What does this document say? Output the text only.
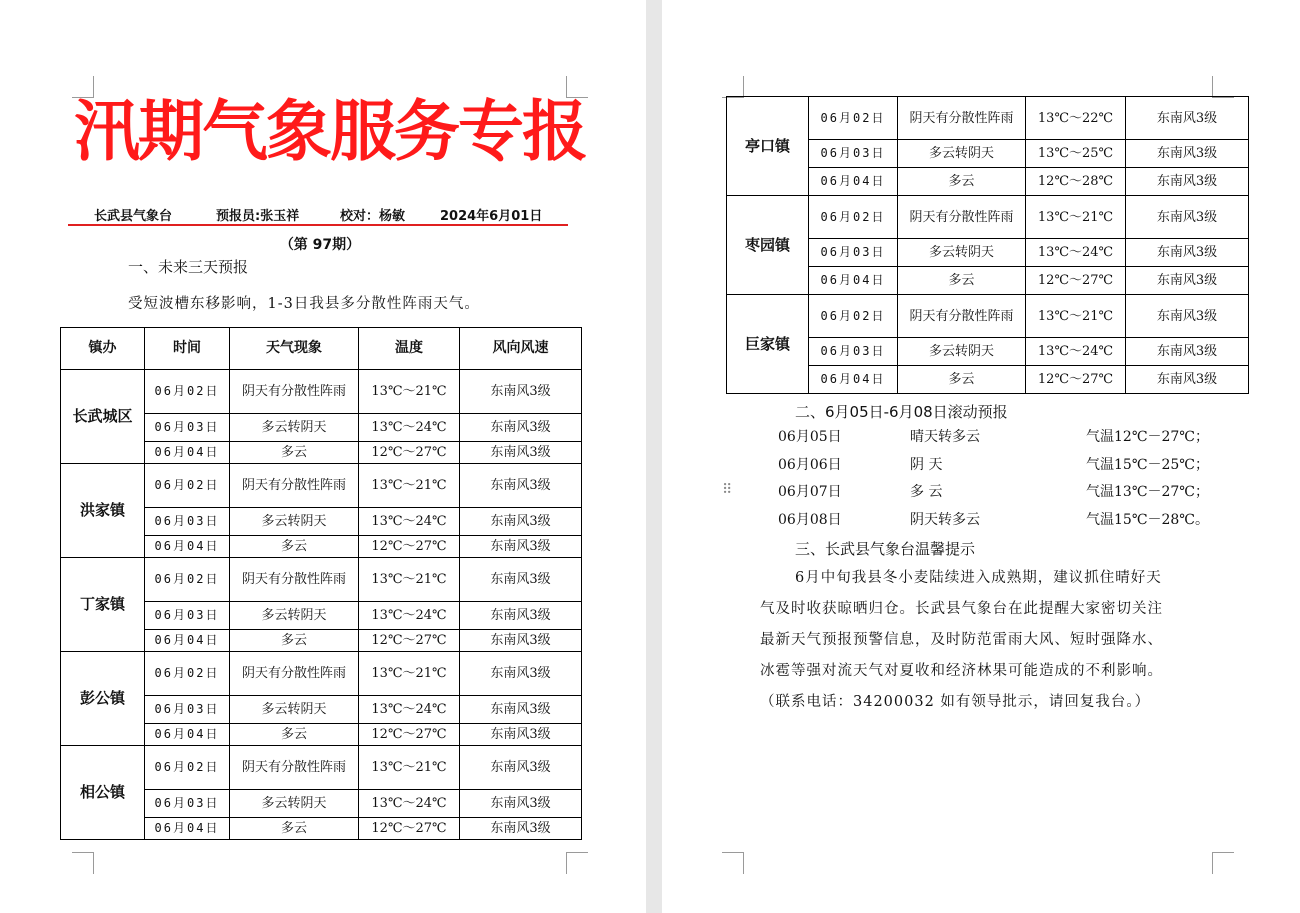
汛期气象服务专报
长武县气象台	预报员:张玉祥	校对：杨敏	2024年6月01日
（第 97期）
一、未来三天预报
受短波槽东移影响，1-3日我县多分散性阵雨天气。
镇办	时间	天气现象	温度	风向风速
长武城区	06月02日	阴天有分散性阵雨	13℃～21℃	东南风3级
	06月03日	多云转阴天	13℃～24℃	东南风3级
	06月04日	多云	12℃～27℃	东南风3级
洪家镇	06月02日	阴天有分散性阵雨	13℃～21℃	东南风3级
	06月03日	多云转阴天	13℃～24℃	东南风3级
	06月04日	多云	12℃～27℃	东南风3级
丁家镇	06月02日	阴天有分散性阵雨	13℃～21℃	东南风3级
	06月03日	多云转阴天	13℃～24℃	东南风3级
	06月04日	多云	12℃～27℃	东南风3级
彭公镇	06月02日	阴天有分散性阵雨	13℃～21℃	东南风3级
	06月03日	多云转阴天	13℃～24℃	东南风3级
	06月04日	多云	12℃～27℃	东南风3级
相公镇	06月02日	阴天有分散性阵雨	13℃～21℃	东南风3级
	06月03日	多云转阴天	13℃～24℃	东南风3级
	06月04日	多云	12℃～27℃	东南风3级
亭口镇	06月02日	阴天有分散性阵雨	13℃～22℃	东南风3级
	06月03日	多云转阴天	13℃～25℃	东南风3级
	06月04日	多云	12℃～28℃	东南风3级
枣园镇	06月02日	阴天有分散性阵雨	13℃～21℃	东南风3级
	06月03日	多云转阴天	13℃～24℃	东南风3级
	06月04日	多云	12℃～27℃	东南风3级
巨家镇	06月02日	阴天有分散性阵雨	13℃～21℃	东南风3级
	06月03日	多云转阴天	13℃～24℃	东南风3级
	06月04日	多云	12℃～27℃	东南风3级
二、6月05日-6月08日滚动预报
06月05日	晴天转多云	气温12℃－27℃；
06月06日	阴 天	气温15℃－25℃；
06月07日	多 云	气温13℃－27℃；
06月08日	阴天转多云	气温15℃－28℃。
⠿
三、长武县气象台温馨提示
6月中旬我县冬小麦陆续进入成熟期，建议抓住晴好天
气及时收获晾晒归仓。长武县气象台在此提醒大家密切关注
最新天气预报预警信息，及时防范雷雨大风、短时强降水、
冰雹等强对流天气对夏收和经济林果可能造成的不利影响。
（联系电话：34200032 如有领导批示，请回复我台。）
